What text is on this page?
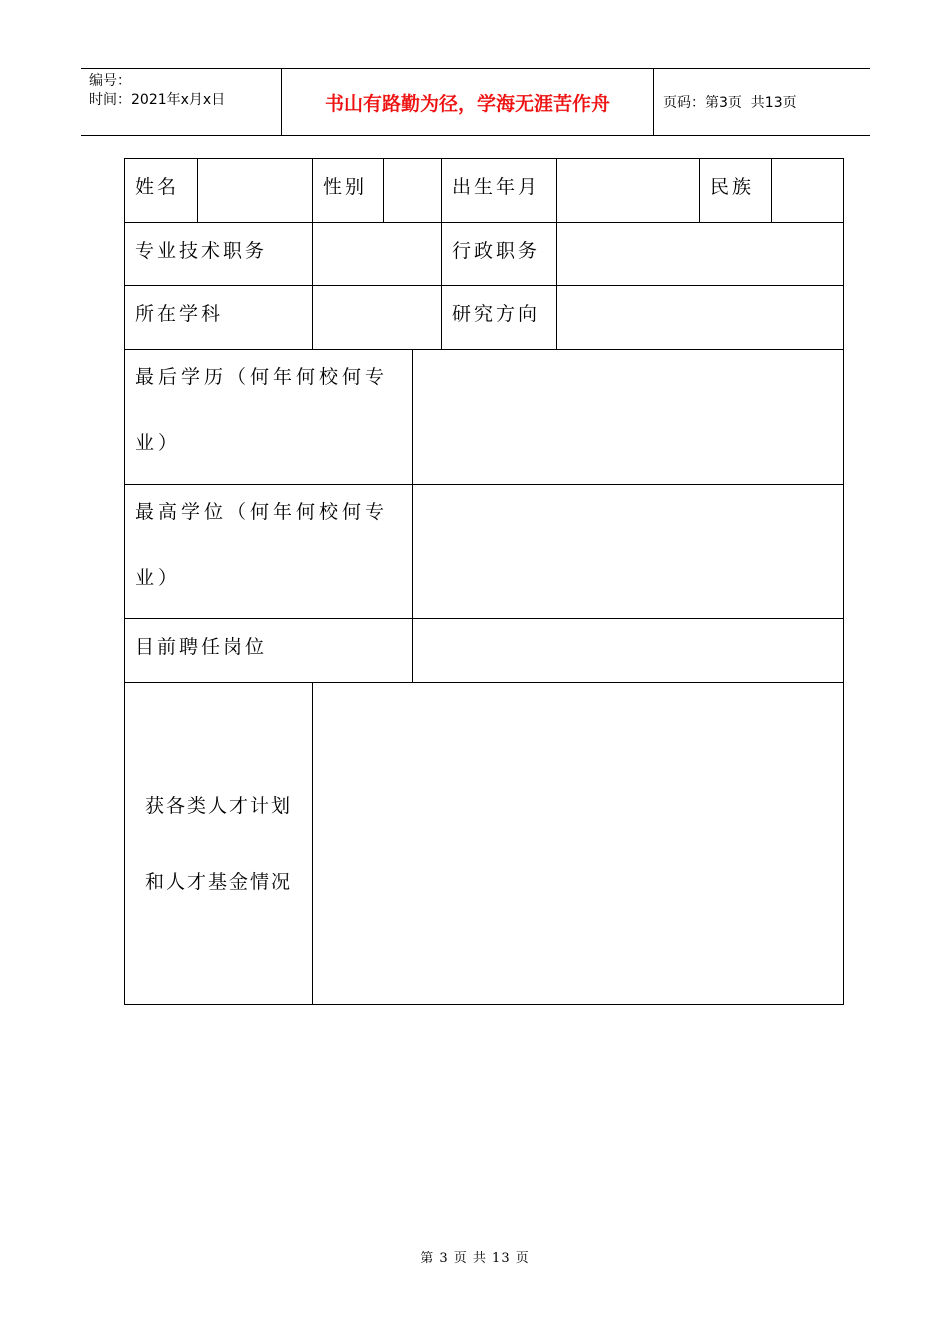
编号：
时间：2021年x月x日	书山有路勤为径，学海无涯苦作舟	页码：第3页  共13页
姓名		性别			出生年月		民族	
专业技术职务					行政职务			
所在学科					研究方向			

最后学历（何年何校何专
业）								

最高学位（何年何校何专
业）								

目前聘任岗位								

获各类人才计划
和人才基金情况								

第 3 页 共 13 页
